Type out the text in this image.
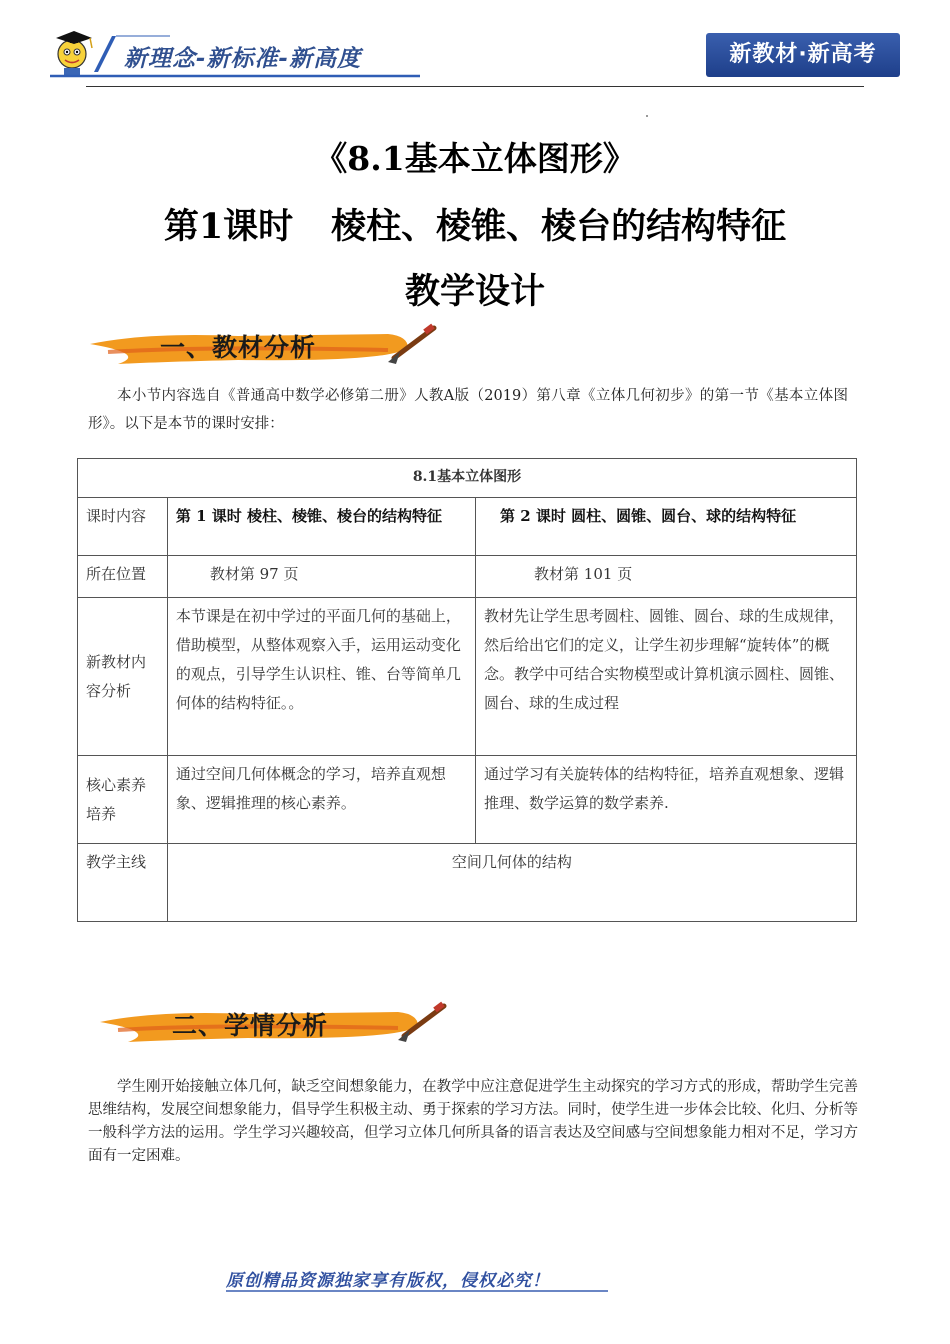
新理念-新标准-新高度	新教材·新高考
《8.1基本立体图形》
第1课时 棱柱、棱锥、棱台的结构特征
教学设计
一、教材分析
本小节内容选自《普通高中数学必修第二册》人教A版（2019）第八章《立体几何初步》的第一节《基本立体图形》。以下是本节的课时安排：
8.1基本立体图形		
课时内容	第 1 课时 棱柱、棱锥、棱台的结构特征	第 2 课时 圆柱、圆锥、圆台、球的结构特征
所在位置	教材第 97 页	教材第 101 页
新教材内容分析	本节课是在初中学过的平面几何的基础上，借助模型，从整体观察入手，运用运动变化的观点，引导学生认识柱、锥、台等简单几何体的结构特征。。	教材先让学生思考圆柱、圆锥、圆台、球的生成规律，然后给出它们的定义，让学生初步理解“旋转体”的概念。教学中可结合实物模型或计算机演示圆柱、圆锥、圆台、球的生成过程
核心素养培养	通过空间几何体概念的学习，培养直观想象、逻辑推理的核心素养。	通过学习有关旋转体的结构特征，培养直观想象、逻辑推理、数学运算的数学素养.
教学主线	空间几何体的结构	
二、学情分析
学生刚开始接触立体几何，缺乏空间想象能力，在教学中应注意促进学生主动探究的学习方式的形成，帮助学生完善思维结构，发展空间想象能力，倡导学生积极主动、勇于探索的学习方法。同时，使学生进一步体会比较、化归、分析等一般科学方法的运用。学生学习兴趣较高，但学习立体几何所具备的语言表达及空间感与空间想象能力相对不足，学习方面有一定困难。
原创精品资源独家享有版权，侵权必究！
